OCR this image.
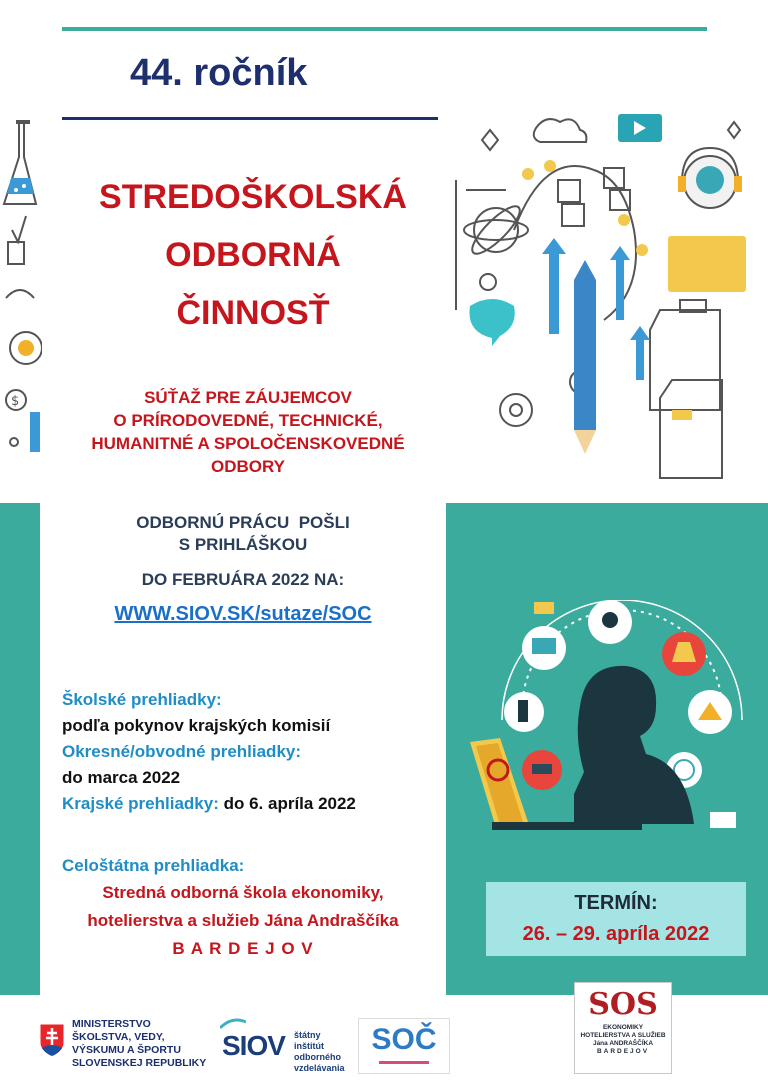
44. ročník
$
STREDOŠKOLSKÁ
ODBORNÁ
ČINNOSŤ
SÚŤAŽ PRE ZÁUJEMCOV
O PRÍRODOVEDNÉ, TECHNICKÉ,
HUMANITNÉ A SPOLOČENSKOVEDNÉ
ODBORY
ODBORNÚ PRÁCU  POŠLI
S PRIHLÁŠKOU
DO FEBRUÁRA 2022 NA:
WWW.SIOV.SK/sutaze/SOC
Školské prehliadky:
podľa pokynov krajských komisií
Okresné/obvodné prehliadky:
do marca 2022
Krajské prehliadky: do 6. apríla 2022
Celoštátna prehliadka:
Stredná odborná škola ekonomiky,
hotelierstva a služieb Jána Andraščíka
B A R D E J O V
TERMÍN:
26. – 29. apríla 2022
MINISTERSTVO
ŠKOLSTVA, VEDY,
VÝSKUMU A ŠPORTU
SLOVENSKEJ REPUBLIKY
SIOV štátny inštitút
odborného
vzdelávania
SOČ
SOS
EKONOMIKY
HOTELIERSTVA A SLUŽIEB
Jána ANDRAŠČÍKA
BARDEJOV
